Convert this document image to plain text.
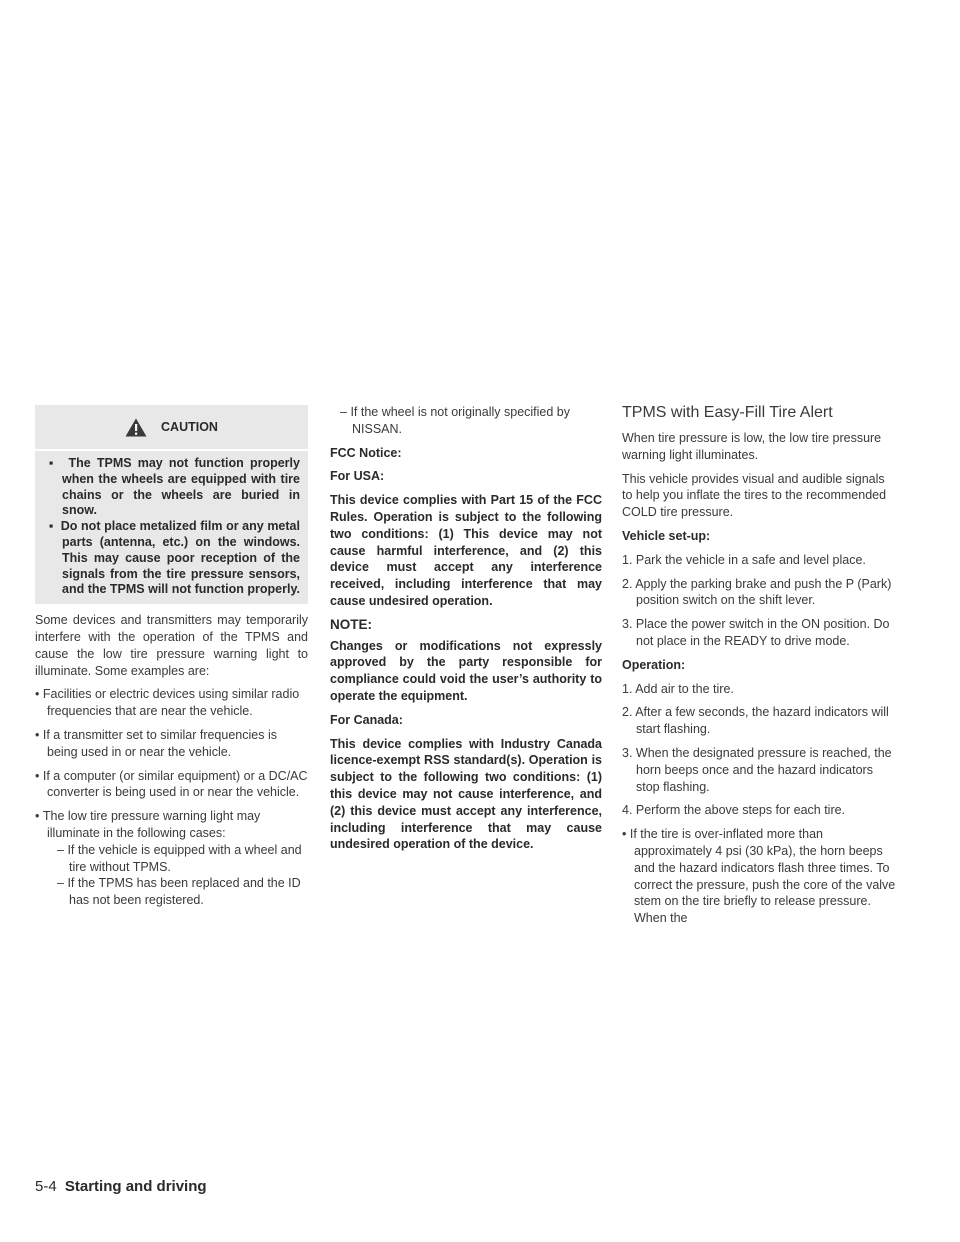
CAUTION

▪  The TPMS may not function properly when the wheels are equipped with tire chains or the wheels are buried in snow.

▪  Do not place metalized film or any metal parts (antenna, etc.) on the windows. This may cause poor reception of the signals from the tire pressure sensors, and the TPMS will not function properly.

Some devices and transmitters may temporarily interfere with the operation of the TPMS and cause the low tire pressure warning light to illuminate. Some examples are:

• Facilities or electric devices using similar radio frequencies that are near the vehicle.

• If a transmitter set to similar frequencies is being used in or near the vehicle.

• If a computer (or similar equipment) or a DC/AC converter is being used in or near the vehicle.

• The low tire pressure warning light may illuminate in the following cases:

– If the vehicle is equipped with a wheel and tire without TPMS.

– If the TPMS has been replaced and the ID has not been registered.

– If the wheel is not originally specified by NISSAN.

FCC Notice:

For USA:

This device complies with Part 15 of the FCC Rules. Operation is subject to the following two conditions: (1) This device may not cause harmful interference, and (2) this device must accept any interference received, including interference that may cause undesired operation.

NOTE:

Changes or modifications not expressly approved by the party responsible for compliance could void the user’s authority to operate the equipment.

For Canada:

This device complies with Industry Canada licence-exempt RSS standard(s). Operation is subject to the following two conditions: (1) this device may not cause interference, and (2) this device must accept any interference, including interference that may cause undesired operation of the device.

TPMS with Easy-Fill Tire Alert

When tire pressure is low, the low tire pressure warning light illuminates.

This vehicle provides visual and audible signals to help you inflate the tires to the recommended COLD tire pressure.

Vehicle set-up:

1. Park the vehicle in a safe and level place.

2. Apply the parking brake and push the P (Park) position switch on the shift lever.

3. Place the power switch in the ON position. Do not place in the READY to drive mode.

Operation:

1. Add air to the tire.

2. After a few seconds, the hazard indicators will start flashing.

3. When the designated pressure is reached, the horn beeps once and the hazard indicators stop flashing.

4. Perform the above steps for each tire.

• If the tire is over-inflated more than approximately 4 psi (30 kPa), the horn beeps and the hazard indicators flash three times. To correct the pressure, push the core of the valve stem on the tire briefly to release pressure. When the

5-4 Starting and driving
